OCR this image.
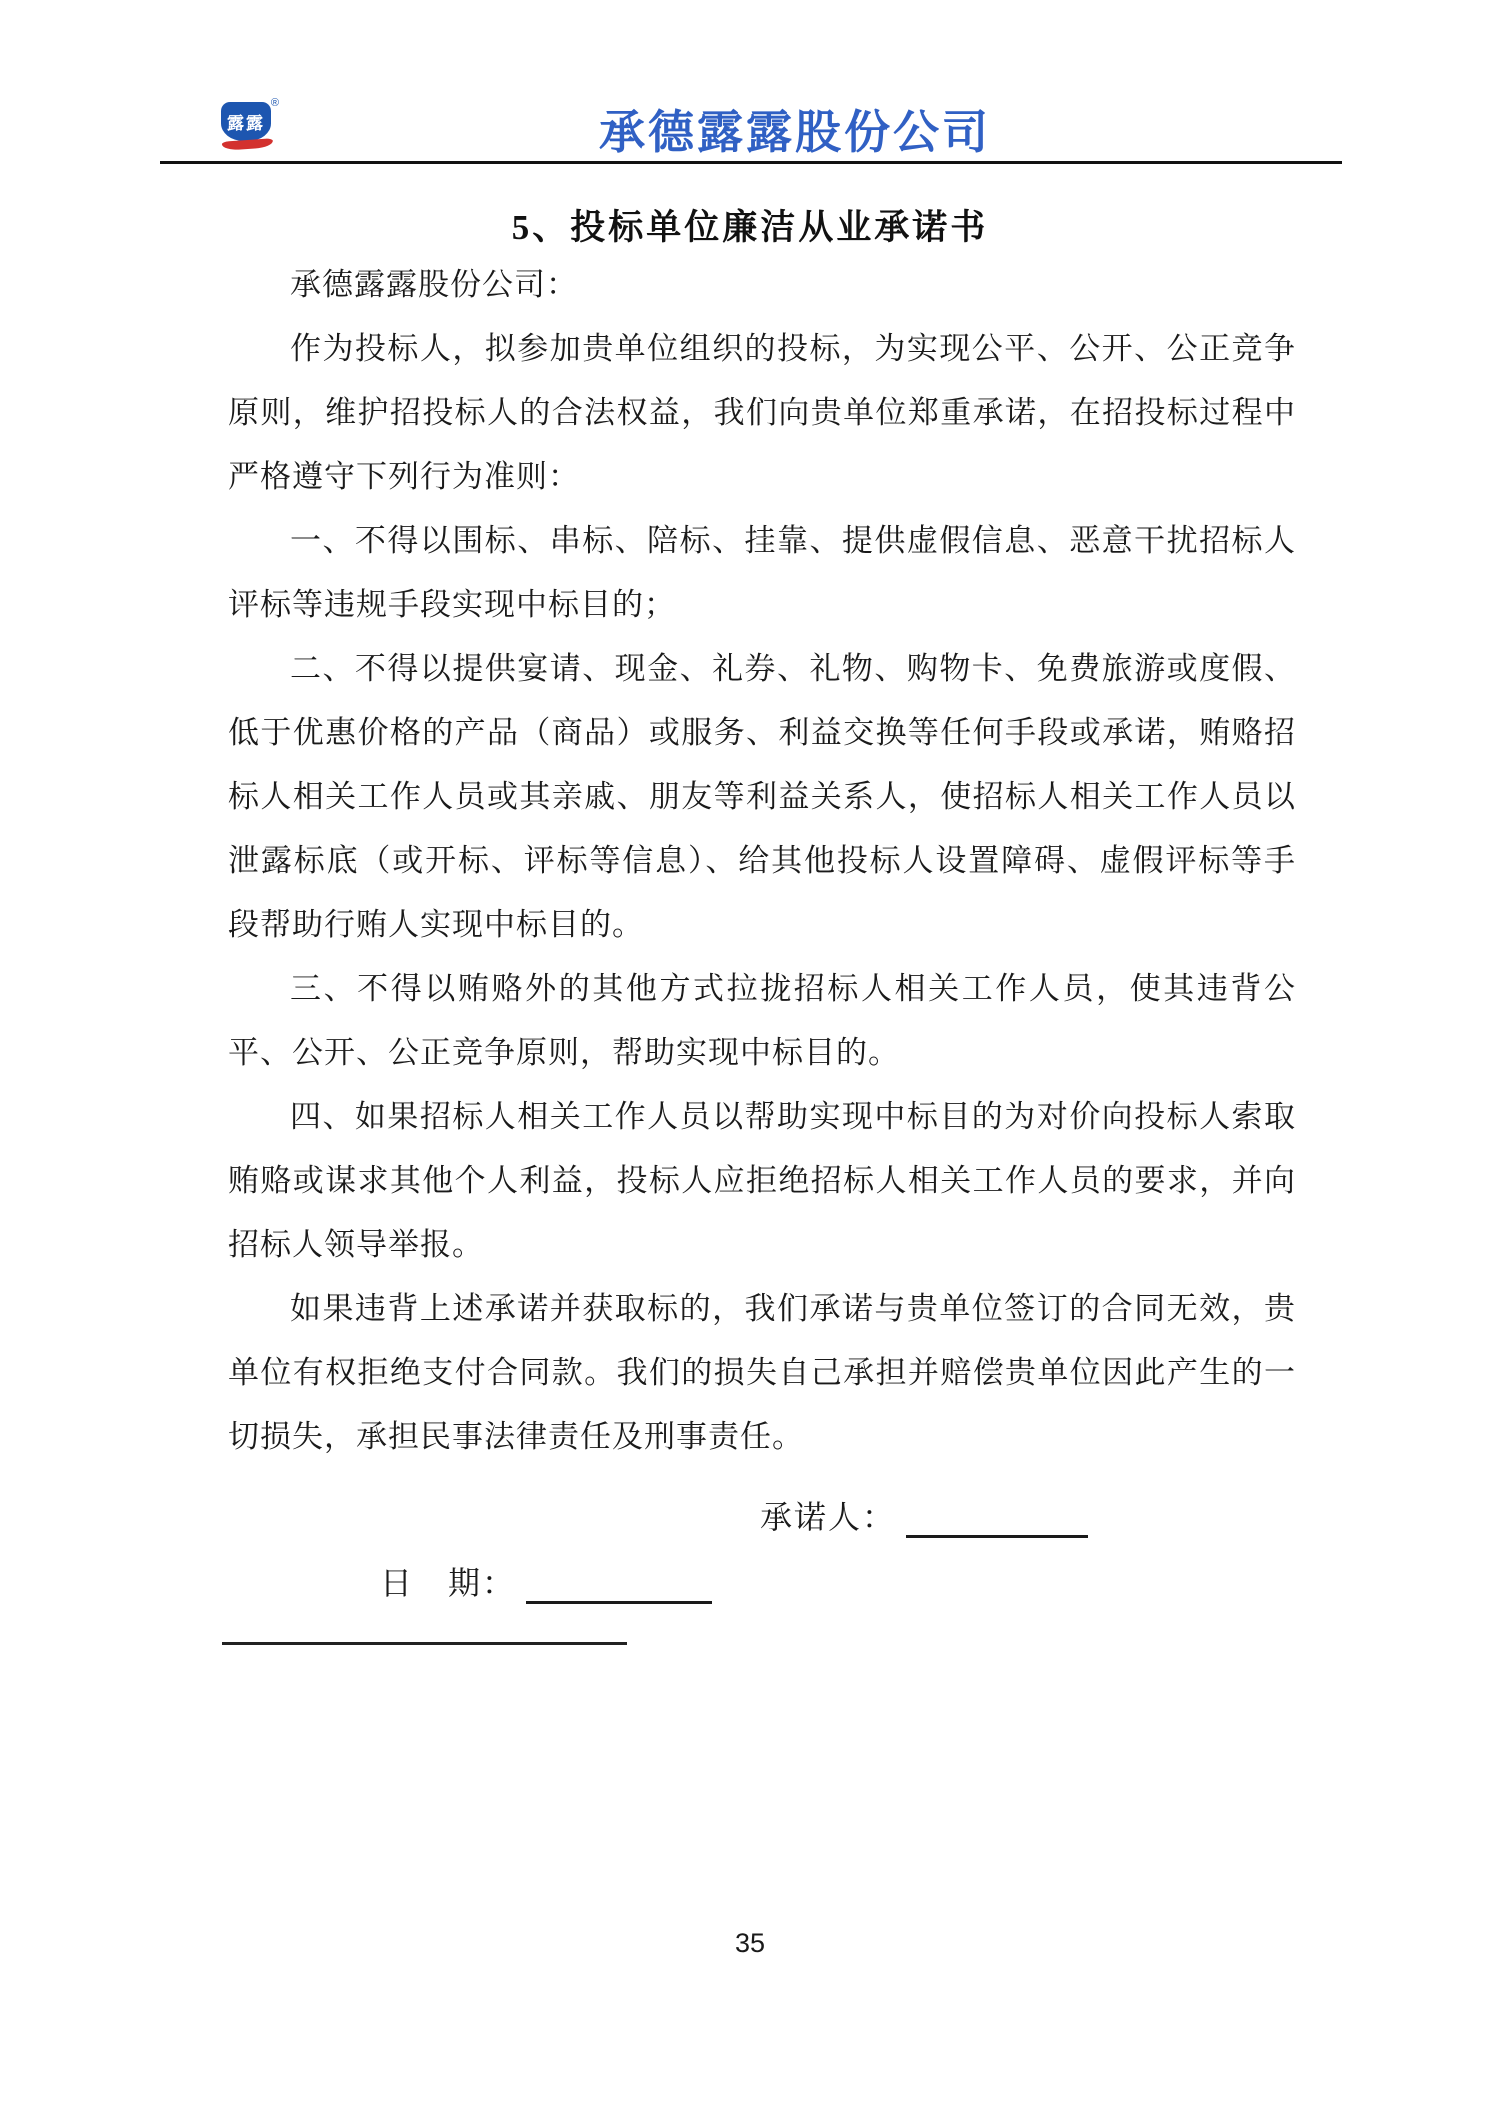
露露
®
承德露露股份公司
5、投标单位廉洁从业承诺书

承德露露股份公司：

作为投标人，拟参加贵单位组织的投标，为实现公平、公开、公正竞争原则，维护招投标人的合法权益，我们向贵单位郑重承诺，在招投标过程中严格遵守下列行为准则：

一、不得以围标、串标、陪标、挂靠、提供虚假信息、恶意干扰招标人评标等违规手段实现中标目的；

二、不得以提供宴请、现金、礼券、礼物、购物卡、免费旅游或度假、低于优惠价格的产品（商品）或服务、利益交换等任何手段或承诺，贿赂招标人相关工作人员或其亲戚、朋友等利益关系人，使招标人相关工作人员以泄露标底（或开标、评标等信息）、给其他投标人设置障碍、虚假评标等手段帮助行贿人实现中标目的。

三、不得以贿赂外的其他方式拉拢招标人相关工作人员，使其违背公平、公开、公正竞争原则，帮助实现中标目的。

四、如果招标人相关工作人员以帮助实现中标目的为对价向投标人索取贿赂或谋求其他个人利益，投标人应拒绝招标人相关工作人员的要求，并向招标人领导举报。

如果违背上述承诺并获取标的，我们承诺与贵单位签订的合同无效，贵单位有权拒绝支付合同款。我们的损失自己承担并赔偿贵单位因此产生的一切损失，承担民事法律责任及刑事责任。

承诺人：
日　期：
35
